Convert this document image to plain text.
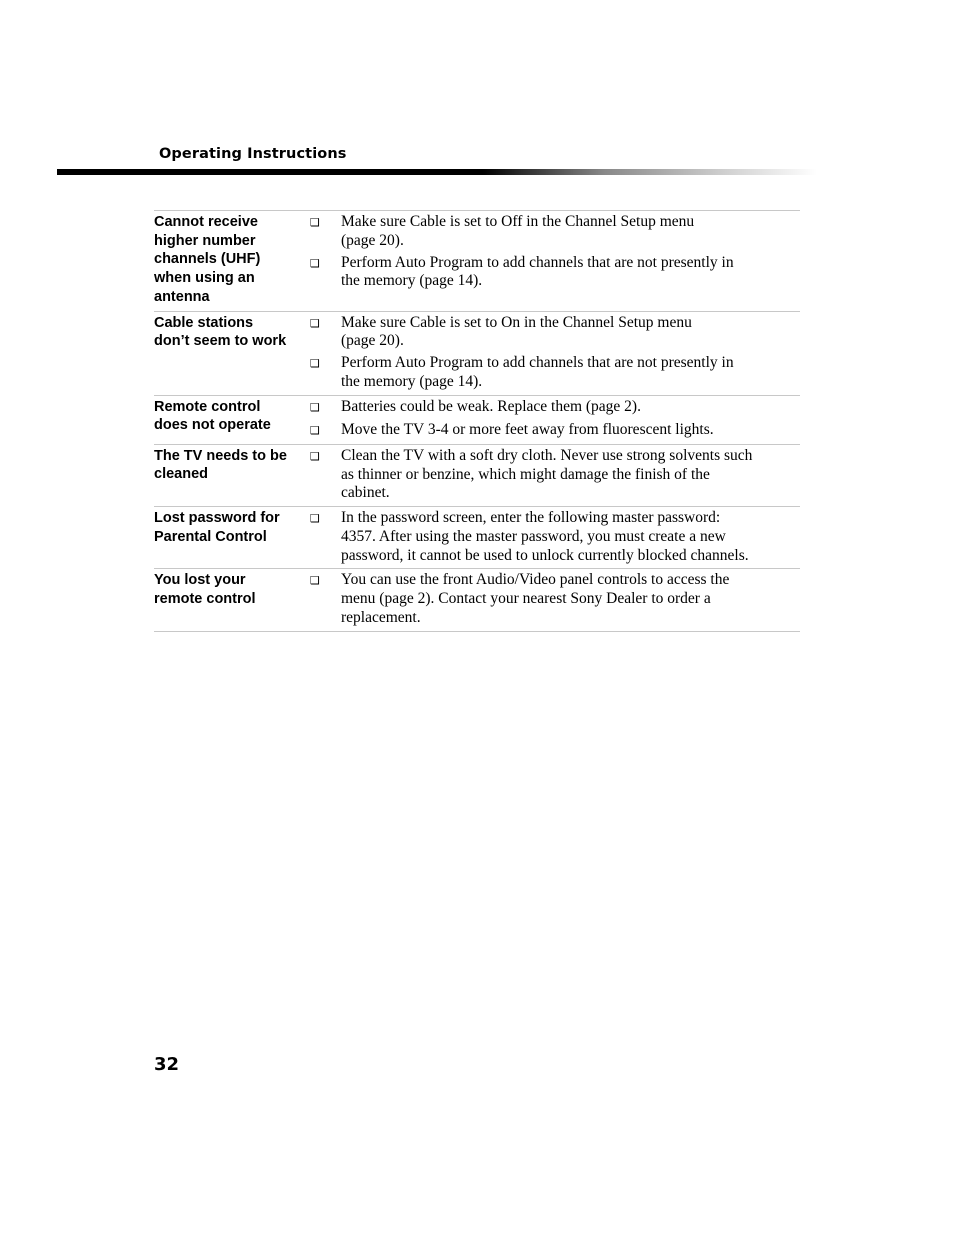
Operating Instructions
Cannot receive
higher number
channels (UHF)
when using an
antenna
❑	Make sure Cable is set to Off in the Channel Setup menu
(page 20).
❑	Perform Auto Program to add channels that are not presently in
the memory (page 14).
Cable stations
don’t seem to work
❑	Make sure Cable is set to On in the Channel Setup menu
(page 20).
❑	Perform Auto Program to add channels that are not presently in
the memory (page 14).
Remote control
does not operate
❑	Batteries could be weak. Replace them (page 2).
❑	Move the TV 3-4 or more feet away from fluorescent lights.
The TV needs to be
cleaned
❑	Clean the TV with a soft dry cloth. Never use strong solvents such
as thinner or benzine, which might damage the finish of the
cabinet.
Lost password for
Parental Control
❑	In the password screen, enter the following master password:
4357. After using the master password, you must create a new
password, it cannot be used to unlock currently blocked channels.
You lost your
remote control
❑	You can use the front Audio/Video panel controls to access the
menu (page 2). Contact your nearest Sony Dealer to order a
replacement.
32
